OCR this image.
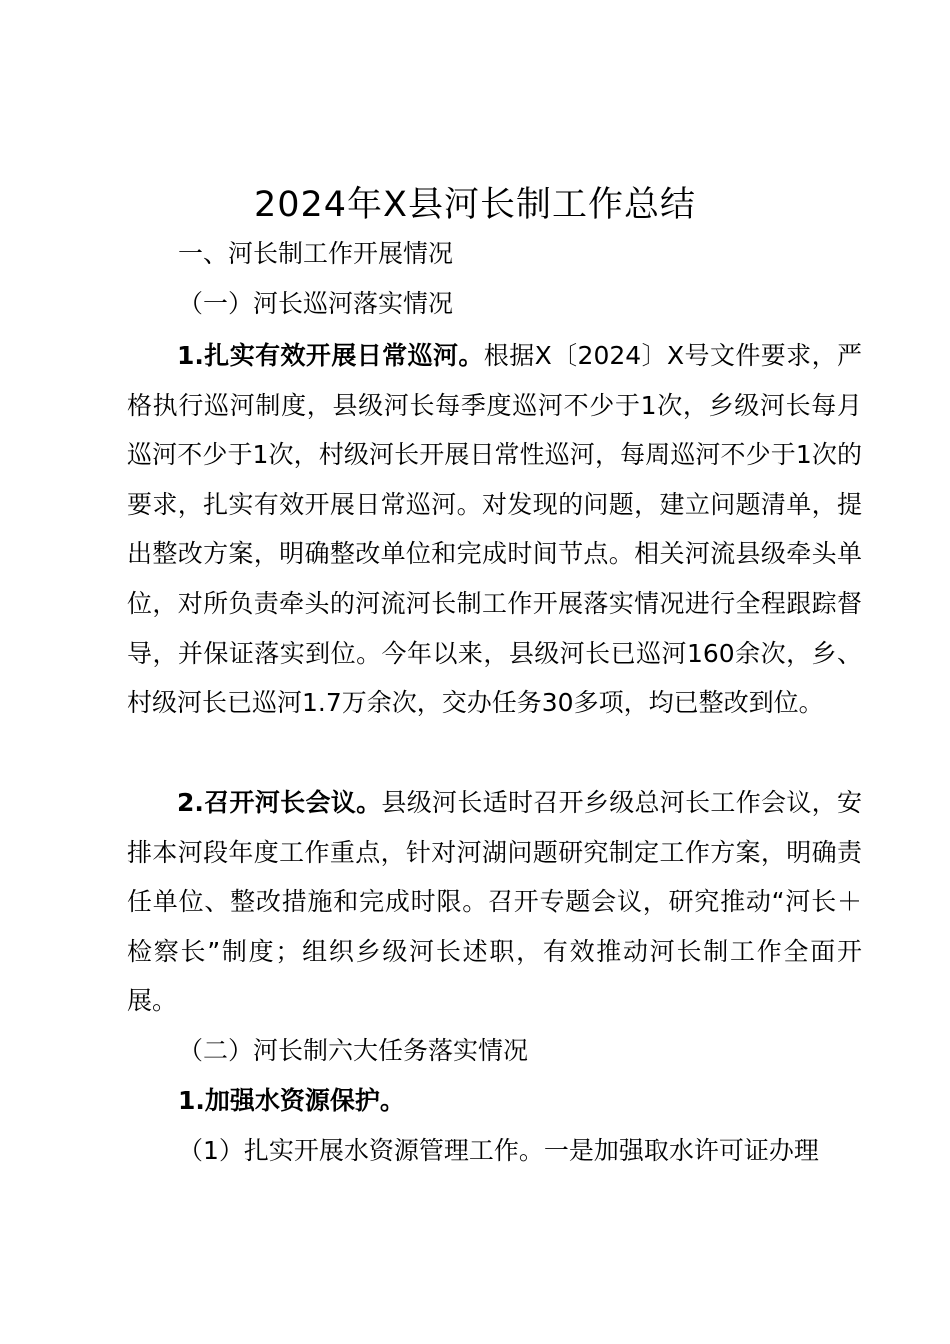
2024年X县河长制工作总结
一、河长制工作开展情况
（一）河长巡河落实情况
1.扎实有效开展日常巡河。根据X〔2024〕X号文件要求，严格执行巡河制度，县级河长每季度巡河不少于1次，乡级河长每月巡河不少于1次，村级河长开展日常性巡河，每周巡河不少于1次的要求，扎实有效开展日常巡河。对发现的问题，建立问题清单，提出整改方案，明确整改单位和完成时间节点。相关河流县级牵头单位，对所负责牵头的河流河长制工作开展落实情况进行全程跟踪督导，并保证落实到位。今年以来，县级河长已巡河160余次，乡、村级河长已巡河1.7万余次，交办任务30多项，均已整改到位。
2.召开河长会议。县级河长适时召开乡级总河长工作会议，安排本河段年度工作重点，针对河湖问题研究制定工作方案，明确责任单位、整改措施和完成时限。召开专题会议，研究推动“河长＋检察长”制度；组织乡级河长述职，有效推动河长制工作全面开展。
（二）河长制六大任务落实情况
1.加强水资源保护。
（1）扎实开展水资源管理工作。一是加强取水许可证办理
